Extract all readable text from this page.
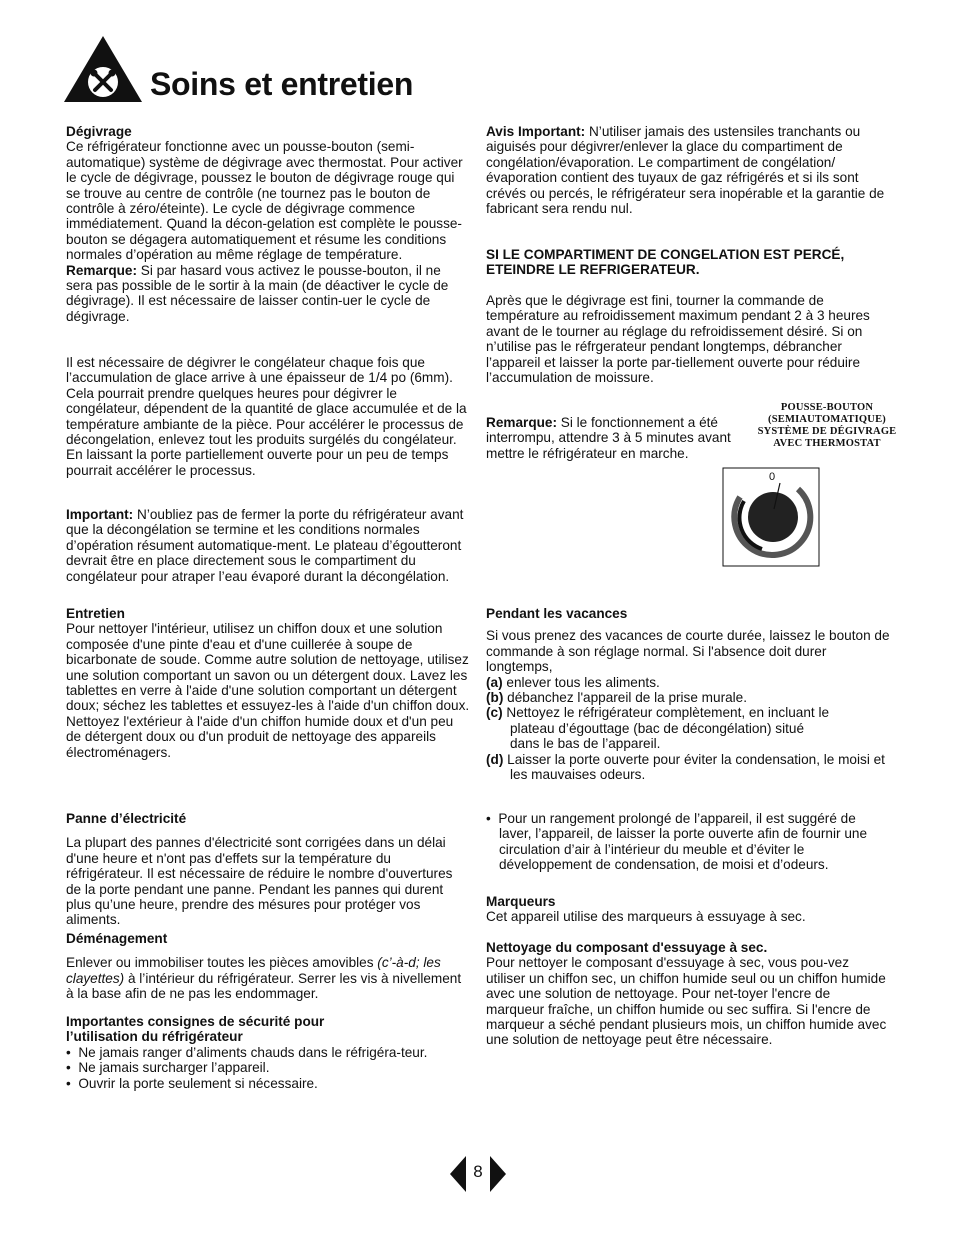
Soins et entretien
Dégivrage

Ce réfrigérateur fonctionne avec un pousse-bouton (semi-automatique) système de dégivrage avec thermostat. Pour activer le cycle de dégivrage, poussez le bouton de dégivrage rouge qui se trouve au centre de contrôle (ne tournez pas le bouton de contrôle à zéro/éteinte). Le cycle de dégivrage commence immédiatement. Quand la décon-gelation est complète le pousse-bouton se dégagera automatiquement et résume les conditions normales d’opération au même réglage de température.

Remarque: Si par hasard vous activez le pousse-bouton, il ne sera pas possible de le sortir à la main (de déactiver le cycle de dégivrage). Il est nécessaire de laisser contin-uer le cycle de dégivrage.

Il est nécessaire de dégivrer le congélateur chaque fois que l’accumulation de glace arrive à une épaisseur de 1/4 po (6mm). Cela pourrait prendre quelques heures pour dégivrer le congélateur, dépendent de la quantité de glace accumulée et de la température ambiante de la pièce. Pour accélérer le processus de décongelation, enlevez tout les produits surgélés du congélateur. En laissant la porte partiellement ouverte pour un peu de temps pourrait accélérer le processus.

Important: N’oubliez pas de fermer la porte du réfrigérateur avant que la décongélation se termine et les conditions normales d’opération résument automatique-ment. Le plateau d’égoutteront devrait être en place directement sous le compartiment du congélateur pour atraper l’eau évaporé durant la décongélation.

Entretien

Pour nettoyer l'intérieur, utilisez un chiffon doux et une solution composée d'une pinte d'eau et d'une cuillerée à soupe de bicarbonate de soude. Comme autre solution de nettoyage, utilisez une solution comportant un savon ou un détergent doux. Lavez les tablettes en verre à l'aide d'une solution comportant un détergent doux; séchez les tablettes et essuyez-les à l'aide d'un chiffon doux. Nettoyez l'extérieur à l'aide d'un chiffon humide doux et d'un peu de détergent doux ou d'un produit de nettoyage des appareils électroménagers.

Panne d’électricité

La plupart des pannes d'électricité sont corrigées dans un délai d'une heure et n'ont pas d'effets sur la température du réfrigérateur. Il est nécessaire de réduire le nombre d'ouvertures de la porte pendant une panne. Pendant les pannes qui durent plus qu’une heure, prendre des mésures pour protéger vos aliments.

Déménagement

Enlever ou immobiliser toutes les pièces amovibles (c’-à-d; les clayettes) à l’intérieur du réfrigérateur. Serrer les vis à nivellement à la base afin de ne pas les endommager.

Importantes consignes de sécurité pour
l’utilisation du réfrigérateur

•  Ne jamais ranger d’aliments chauds dans le réfrigéra-teur.

•  Ne jamais surcharger l’appareil.

•  Ouvrir la porte seulement si nécessaire.

Avis Important: N’utiliser jamais des ustensiles tranchants ou aiguisés pour dégivrer/enlever la glace du compartiment de congélation/évaporation. Le compartiment de congélation/évaporation contient des tuyaux de gaz réfrigérés et si ils sont crévés ou percés, le réfrigérateur sera inopérable et la garantie de fabricant sera rendu nul.

SI LE COMPARTIMENT DE CONGELATION EST PERCÉ, ETEINDRE LE REFRIGERATEUR.

Après que le dégivrage est fini, tourner la commande de température au refroidissement maximum pendant 2 à 3 heures avant de le tourner au réglage du refroidissement désiré. Si on n’utilise pas le réfrgerateur pendant longtemps, débrancher l’appareil et laisser la porte par-tiellement ouverte pour réduire l’accumulation de moissure.

Remarque: Si le fonctionnement a été interrompu, attendre 3 à 5 minutes avant mettre le réfrigérateur en marche.

Pendant les vacances

Si vous prenez des vacances de courte durée, laissez le bouton de commande à son réglage normal. Si l'absence doit durer longtemps,

(a) enlever tous les aliments.

(b) débanchez l'appareil de la prise murale.

(c) Nettoyez le réfrigérateur complètement, en incluant le plateau d’égouttage (bac de décongélation) situé dans le bas de l’appareil.

(d) Laisser la porte ouverte pour éviter la condensation, le moisi et les mauvaises odeurs.

•  Pour un rangement prolongé de l’appareil, il est suggéré de laver, l’appareil, de laisser la porte ouverte afin de fournir une circulation d’air à l’intérieur du meuble et d’éviter le développement de condensation, de moisi et d’odeurs.

Marqueurs

Cet appareil utilise des marqueurs à essuyage à sec.

Nettoyage du composant d'essuyage à sec.

Pour nettoyer le composant d'essuyage à sec, vous pou-vez utiliser un chiffon sec, un chiffon humide seul ou un chiffon humide avec une solution de nettoyage. Pour net-toyer l'encre de marqueur fraîche, un chiffon humide ou sec suffira. Si l'encre de marqueur a séché pendant plusieurs mois, un chiffon humide avec une solution de nettoyage peut être nécessaire.

POUSSE-BOUTON (SEMIAUTOMATIQUE) SYSTÈME DE DÉGIVRAGE AVEC THERMOSTAT
0
8
